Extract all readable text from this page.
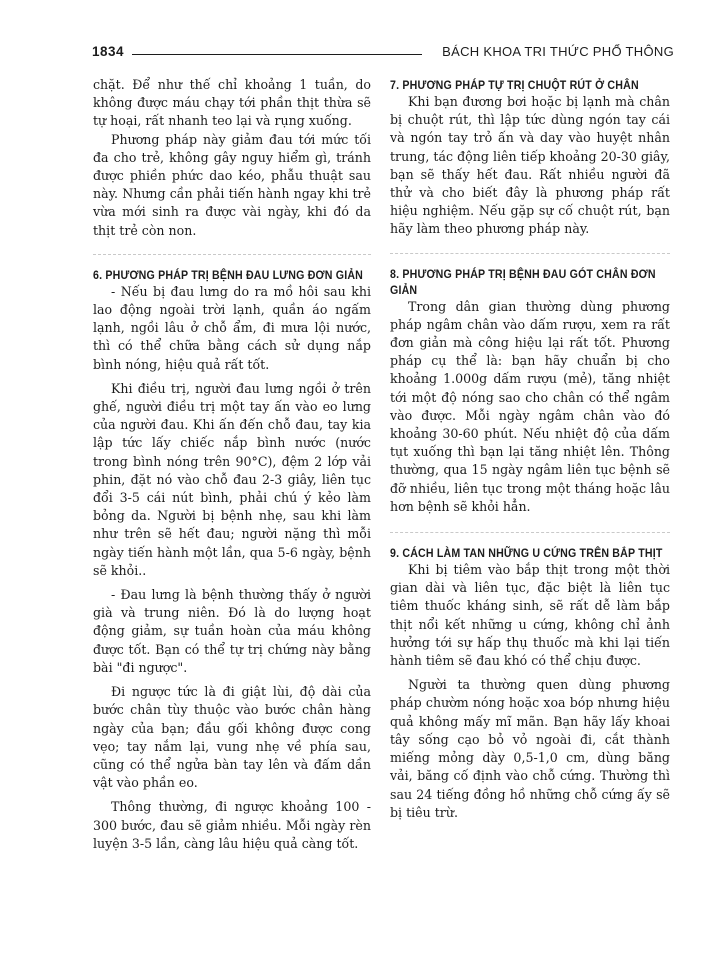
1834	BÁCH KHOA TRI THỨC PHỔ THÔNG

chặt. Để như thế chỉ khoảng 1 tuần, do không được máu chạy tới phần thịt thừa sẽ tự hoại, rất nhanh teo lại và rụng xuống.

Phương pháp này giảm đau tới mức tối đa cho trẻ, không gây nguy hiểm gì, tránh được phiền phức dao kéo, phẫu thuật sau này. Nhưng cần phải tiến hành ngay khi trẻ vừa mới sinh ra được vài ngày, khi đó da thịt trẻ còn non.

6. PHƯƠNG PHÁP TRỊ BỆNH ĐAU LƯNG ĐƠN GIẢN

- Nếu bị đau lưng do ra mồ hôi sau khi lao động ngoài trời lạnh, quần áo ngấm lạnh, ngồi lâu ở chỗ ẩm, đi mưa lội nước, thì có thể chữa bằng cách sử dụng nắp bình nóng, hiệu quả rất tốt.

Khi điều trị, người đau lưng ngồi ở trên ghế, người điều trị một tay ấn vào eo lưng của người đau. Khi ấn đến chỗ đau, tay kia lập tức lấy chiếc nắp bình nước (nước trong bình nóng trên 90°C), đệm 2 lớp vải phin, đặt nó vào chỗ đau 2-3 giây, liên tục đổi 3-5 cái nút bình, phải chú ý kẻo làm bỏng da. Người bị bệnh nhẹ, sau khi làm như trên sẽ hết đau; người nặng thì mỗi ngày tiến hành một lần, qua 5-6 ngày, bệnh sẽ khỏi..

- Đau lưng là bệnh thường thấy ở người già và trung niên. Đó là do lượng hoạt động giảm, sự tuần hoàn của máu không được tốt. Bạn có thể tự trị chứng này bằng bài "đi ngược".

Đi ngược tức là đi giật lùi, độ dài của bước chân tùy thuộc vào bước chân hàng ngày của bạn; đầu gối không được cong vẹo; tay nắm lại, vung nhẹ về phía sau, cũng có thể ngửa bàn tay lên và đấm dần vật vào phần eo.

Thông thường, đi ngược khoảng 100 - 300 bước, đau sẽ giảm nhiều. Mỗi ngày rèn luyện 3-5 lần, càng lâu hiệu quả càng tốt.

7. PHƯƠNG PHÁP TỰ TRỊ CHUỘT RÚT Ở CHÂN

Khi bạn đương bơi hoặc bị lạnh mà chân bị chuột rút, thì lập tức dùng ngón tay cái và ngón tay trỏ ấn và day vào huyệt nhân trung, tác động liên tiếp khoảng 20-30 giây, bạn sẽ thấy hết đau. Rất nhiều người đã thử và cho biết đây là phương pháp rất hiệu nghiệm. Nếu gặp sự cố chuột rút, bạn hãy làm theo phương pháp này.

8. PHƯƠNG PHÁP TRỊ BỆNH ĐAU GÓT CHÂN ĐƠN GIẢN

Trong dân gian thường dùng phương pháp ngâm chân vào dấm rượu, xem ra rất đơn giản mà công hiệu lại rất tốt. Phương pháp cụ thể là: bạn hãy chuẩn bị cho khoảng 1.000g dấm rượu (mẻ), tăng nhiệt tới một độ nóng sao cho chân có thể ngâm vào được. Mỗi ngày ngâm chân vào đó khoảng 30-60 phút. Nếu nhiệt độ của dấm tụt xuống thì bạn lại tăng nhiệt lên. Thông thường, qua 15 ngày ngâm liên tục bệnh sẽ đỡ nhiều, liên tục trong một tháng hoặc lâu hơn bệnh sẽ khỏi hẳn.

9. CÁCH LÀM TAN NHỮNG U CỨNG TRÊN BẮP THỊT

Khi bị tiêm vào bắp thịt trong một thời gian dài và liên tục, đặc biệt là liên tục tiêm thuốc kháng sinh, sẽ rất dễ làm bắp thịt nổi kết những u cứng, không chỉ ảnh hưởng tới sự hấp thụ thuốc mà khi lại tiến hành tiêm sẽ đau khó có thể chịu được.

Người ta thường quen dùng phương pháp chườm nóng hoặc xoa bóp nhưng hiệu quả không mấy mĩ mãn. Bạn hãy lấy khoai tây sống cạo bỏ vỏ ngoài đi, cắt thành miếng mỏng dày 0,5-1,0 cm, dùng băng vải, băng cố định vào chỗ cứng. Thường thì sau 24 tiếng đồng hồ những chỗ cứng ấy sẽ bị tiêu trừ.
